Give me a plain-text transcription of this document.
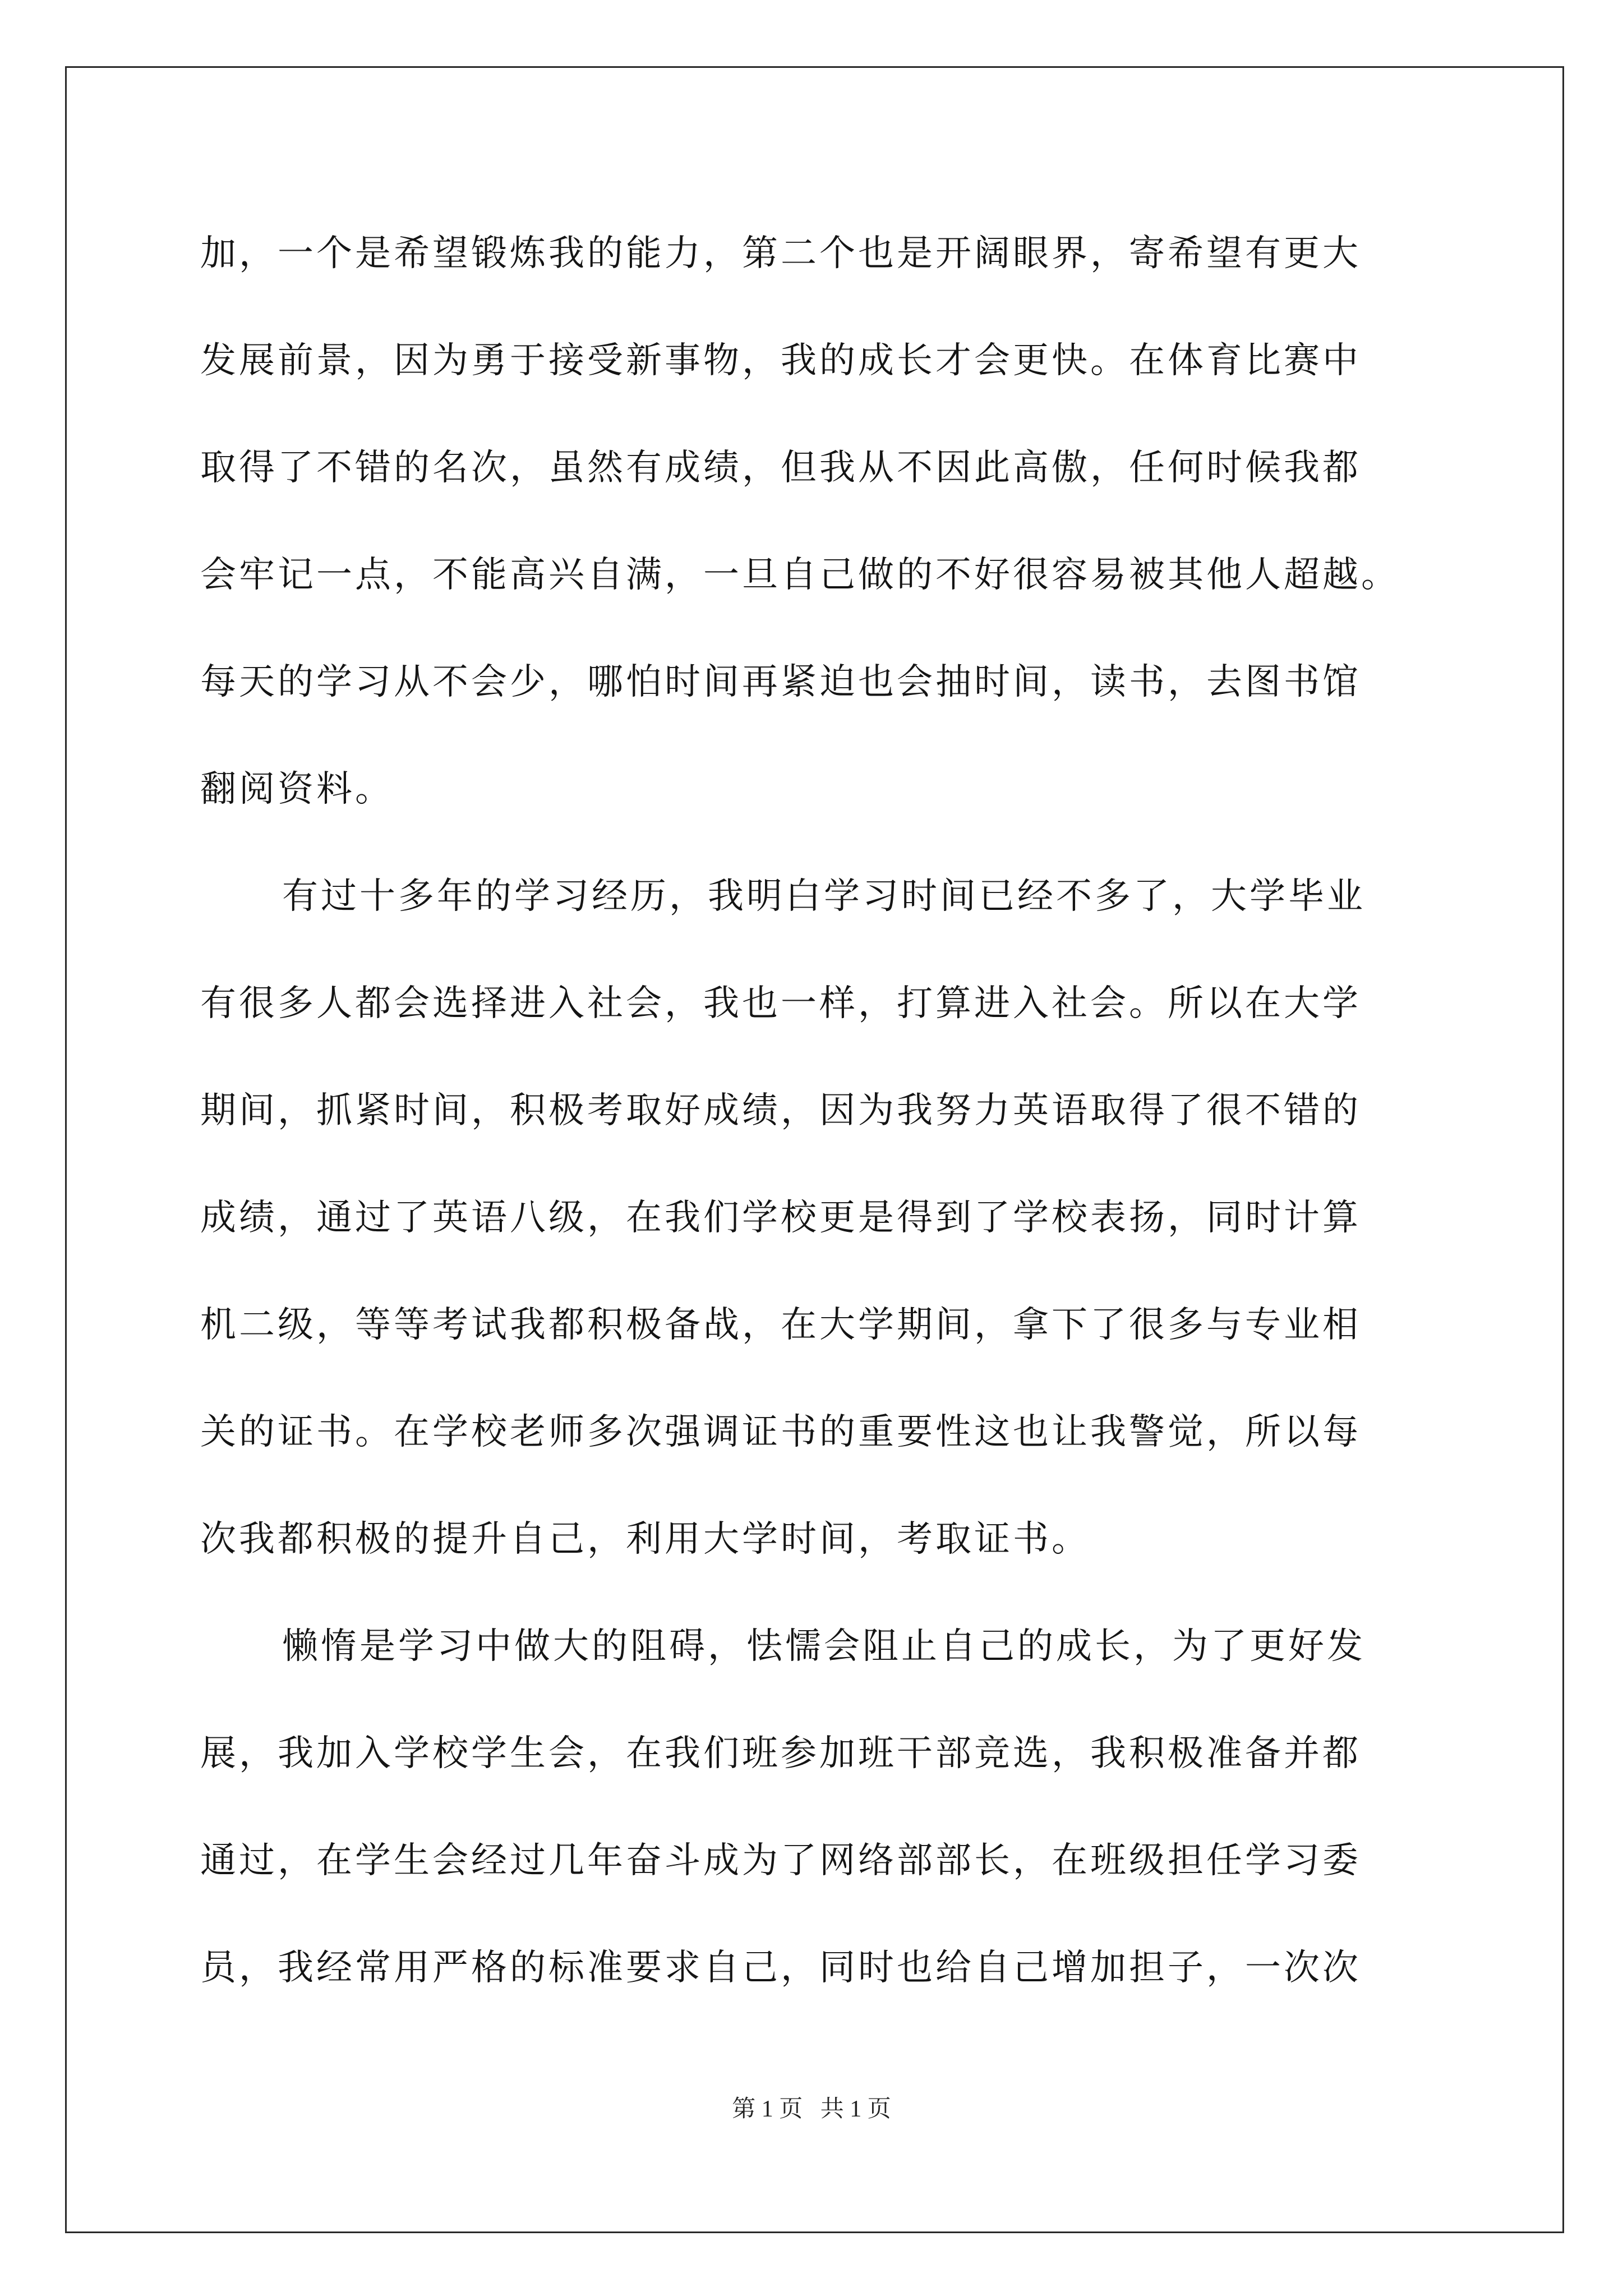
加，一个是希望锻炼我的能力，第二个也是开阔眼界，寄希望有更大
发展前景，因为勇于接受新事物，我的成长才会更快。在体育比赛中
取得了不错的名次，虽然有成绩，但我从不因此高傲，任何时候我都
会牢记一点，不能高兴自满，一旦自己做的不好很容易被其他人超越。
每天的学习从不会少，哪怕时间再紧迫也会抽时间，读书，去图书馆
翻阅资料。
有过十多年的学习经历，我明白学习时间已经不多了，大学毕业
有很多人都会选择进入社会，我也一样，打算进入社会。所以在大学
期间，抓紧时间，积极考取好成绩，因为我努力英语取得了很不错的
成绩，通过了英语八级，在我们学校更是得到了学校表扬，同时计算
机二级，等等考试我都积极备战，在大学期间，拿下了很多与专业相
关的证书。在学校老师多次强调证书的重要性这也让我警觉，所以每
次我都积极的提升自己，利用大学时间，考取证书。
懒惰是学习中做大的阻碍，怯懦会阻止自己的成长，为了更好发
展，我加入学校学生会，在我们班参加班干部竞选，我积极准备并都
通过，在学生会经过几年奋斗成为了网络部部长，在班级担任学习委
员，我经常用严格的标准要求自己，同时也给自己增加担子，一次次
第 1 页   共 1 页
